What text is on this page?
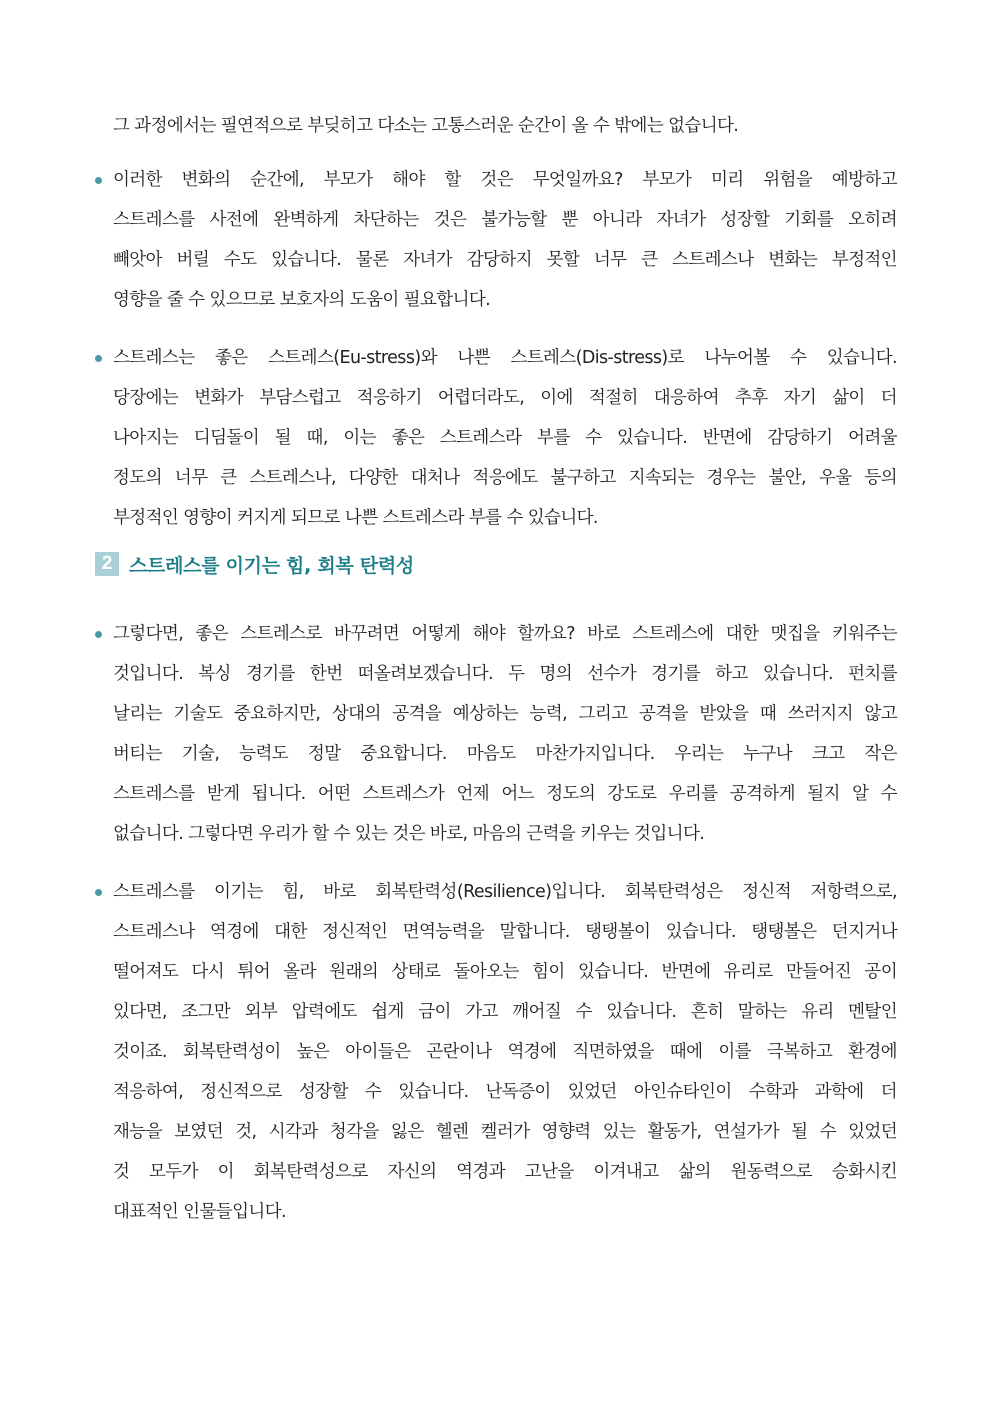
그 과정에서는 필연적으로 부딪히고 다소는 고통스러운 순간이 올 수 밖에는 없습니다.
이러한 변화의 순간에, 부모가 해야 할 것은 무엇일까요? 부모가 미리 위험을 예방하고
스트레스를 사전에 완벽하게 차단하는 것은 불가능할 뿐 아니라 자녀가 성장할 기회를 오히려
빼앗아 버릴 수도 있습니다. 물론 자녀가 감당하지 못할 너무 큰 스트레스나 변화는 부정적인
영향을 줄 수 있으므로 보호자의 도움이 필요합니다.
스트레스는 좋은 스트레스(Eu-stress)와 나쁜 스트레스(Dis-stress)로 나누어볼 수 있습니다.
당장에는 변화가 부담스럽고 적응하기 어렵더라도, 이에 적절히 대응하여 추후 자기 삶이 더
나아지는 디딤돌이 될 때, 이는 좋은 스트레스라 부를 수 있습니다. 반면에 감당하기 어려울
정도의 너무 큰 스트레스나, 다양한 대처나 적응에도 불구하고 지속되는 경우는 불안, 우울 등의
부정적인 영향이 커지게 되므로 나쁜 스트레스라 부를 수 있습니다.
2 스트레스를 이기는 힘, 회복 탄력성
그렇다면, 좋은 스트레스로 바꾸려면 어떻게 해야 할까요? 바로 스트레스에 대한 맷집을 키워주는
것입니다. 복싱 경기를 한번 떠올려보겠습니다. 두 명의 선수가 경기를 하고 있습니다. 펀치를
날리는 기술도 중요하지만, 상대의 공격을 예상하는 능력, 그리고 공격을 받았을 때 쓰러지지 않고
버티는 기술, 능력도 정말 중요합니다. 마음도 마찬가지입니다. 우리는 누구나 크고 작은
스트레스를 받게 됩니다. 어떤 스트레스가 언제 어느 정도의 강도로 우리를 공격하게 될지 알 수
없습니다. 그렇다면 우리가 할 수 있는 것은 바로, 마음의 근력을 키우는 것입니다.
스트레스를 이기는 힘, 바로 회복탄력성(Resilience)입니다. 회복탄력성은 정신적 저항력으로,
스트레스나 역경에 대한 정신적인 면역능력을 말합니다. 탱탱볼이 있습니다. 탱탱볼은 던지거나
떨어져도 다시 튀어 올라 원래의 상태로 돌아오는 힘이 있습니다. 반면에 유리로 만들어진 공이
있다면, 조그만 외부 압력에도 쉽게 금이 가고 깨어질 수 있습니다. 흔히 말하는 유리 멘탈인
것이죠. 회복탄력성이 높은 아이들은 곤란이나 역경에 직면하였을 때에 이를 극복하고 환경에
적응하여, 정신적으로 성장할 수 있습니다. 난독증이 있었던 아인슈타인이 수학과 과학에 더
재능을 보였던 것, 시각과 청각을 잃은 헬렌 켈러가 영향력 있는 활동가, 연설가가 될 수 있었던
것 모두가 이 회복탄력성으로 자신의 역경과 고난을 이겨내고 삶의 원동력으로 승화시킨
대표적인 인물들입니다.
